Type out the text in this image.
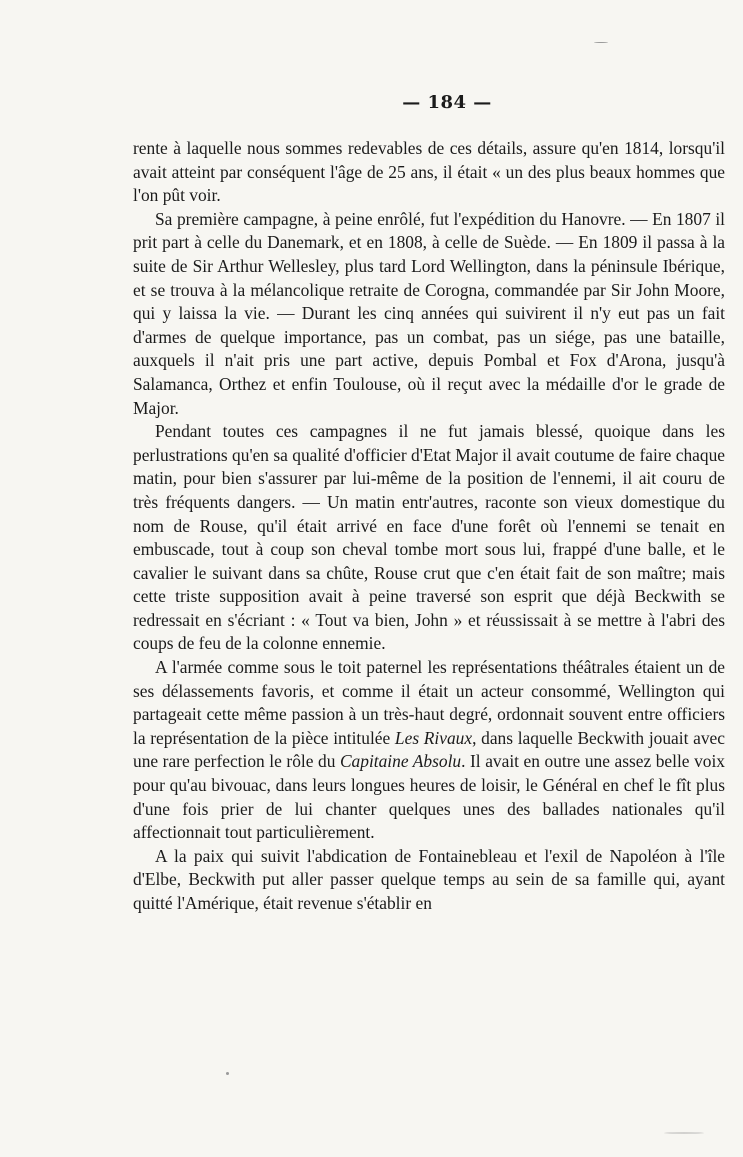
— 184 —

rente à laquelle nous sommes redevables de ces détails, assure qu'en 1814, lorsqu'il avait atteint par conséquent l'âge de 25 ans, il était « un des plus beaux hommes que l'on pût voir.

Sa première campagne, à peine enrôlé, fut l'expédition du Hanovre. — En 1807 il prit part à celle du Danemark, et en 1808, à celle de Suède. — En 1809 il passa à la suite de Sir Arthur Wellesley, plus tard Lord Wellington, dans la péninsule Ibérique, et se trouva à la mélancolique retraite de Corogna, commandée par Sir John Moore, qui y laissa la vie. — Durant les cinq années qui suivirent il n'y eut pas un fait d'armes de quelque importance, pas un combat, pas un siége, pas une bataille, auxquels il n'ait pris une part active, depuis Pombal et Fox d'Arona, jusqu'à Salamanca, Orthez et enfin Toulouse, où il reçut avec la médaille d'or le grade de Major.

Pendant toutes ces campagnes il ne fut jamais blessé, quoique dans les perlustrations qu'en sa qualité d'officier d'Etat Major il avait coutume de faire chaque matin, pour bien s'assurer par lui-même de la position de l'ennemi, il ait couru de très fréquents dangers. — Un matin entr'autres, raconte son vieux domestique du nom de Rouse, qu'il était arrivé en face d'une forêt où l'ennemi se tenait en embuscade, tout à coup son cheval tombe mort sous lui, frappé d'une balle, et le cavalier le suivant dans sa chûte, Rouse crut que c'en était fait de son maître; mais cette triste supposition avait à peine traversé son esprit que déjà Beckwith se redressait en s'écriant : « Tout va bien, John » et réussissait à se mettre à l'abri des coups de feu de la colonne ennemie.

A l'armée comme sous le toit paternel les représentations théâtrales étaient un de ses délassements favoris, et comme il était un acteur consommé, Wellington qui partageait cette même passion à un très-haut degré, ordonnait souvent entre officiers la représentation de la pièce intitulée Les Rivaux, dans laquelle Beckwith jouait avec une rare perfection le rôle du Capitaine Absolu. Il avait en outre une assez belle voix pour qu'au bivouac, dans leurs longues heures de loisir, le Général en chef le fît plus d'une fois prier de lui chanter quelques unes des ballades nationales qu'il affectionnait tout particulièrement.

A la paix qui suivit l'abdication de Fontainebleau et l'exil de Napoléon à l'île d'Elbe, Beckwith put aller passer quelque temps au sein de sa famille qui, ayant quitté l'Amérique, était revenue s'établir en
